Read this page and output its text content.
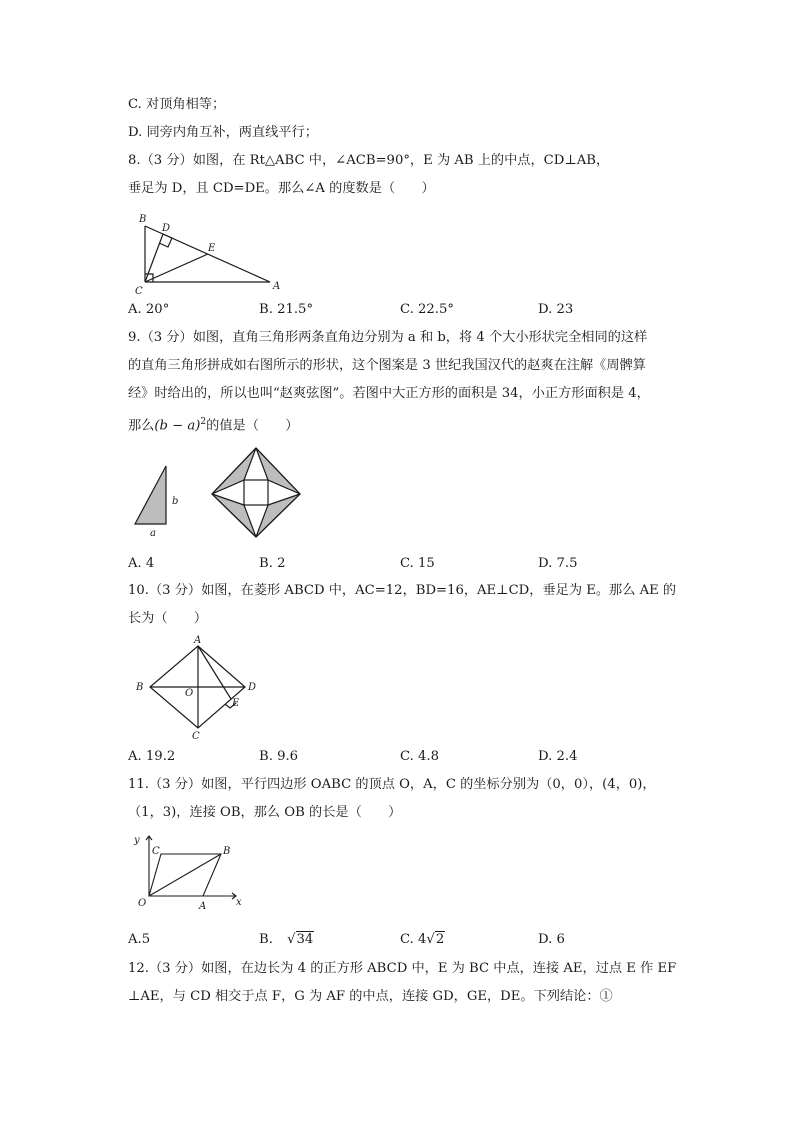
C. 对顶角相等；
D. 同旁内角互补，两直线平行；
8.（3 分）如图，在 Rt△ABC 中，∠ACB=90°，E 为 AB 上的中点，CD⊥AB，
垂足为 D，且 CD=DE。那么∠A 的度数是（　　）
B
D
E
C	A
A. 20°	B. 21.5°	C. 22.5°	D. 23
9.（3 分）如图，直角三角形两条直角边分别为 a 和 b，将 4 个大小形状完全相同的这样
的直角三角形拼成如右图所示的形状，这个图案是 3 世纪我国汉代的赵爽在注解《周髀算
经》时给出的，所以也叫“赵爽弦图”。若图中大正方形的面积是 34，小正方形面积是 4，
那么$(b - a)^2$的值是（　　）
b
a
A. 4	B. 2	C. 15	D. 7.5
10.（3 分）如图，在菱形 ABCD 中，AC=12，BD=16，AE⊥CD，垂足为 E。那么 AE 的
长为（　　）
A
B
O
D
E
C
A. 19.2	B. 9.6	C. 4.8	D. 2.4
11.（3 分）如图，平行四边形 OABC 的顶点 O，A，C 的坐标分别为（0，0），(4，0)，
（1，3)，连接 OB，那么 OB 的长是（　　）
y
C	B
O	A	x
A.5	B. √34	C. 4√2	D. 6
12.（3 分）如图，在边长为 4 的正方形 ABCD 中，E 为 BC 中点，连接 AE，过点 E 作 EF
⊥AE，与 CD 相交于点 F，G 为 AF 的中点，连接 GD，GE，DE。下列结论：①
